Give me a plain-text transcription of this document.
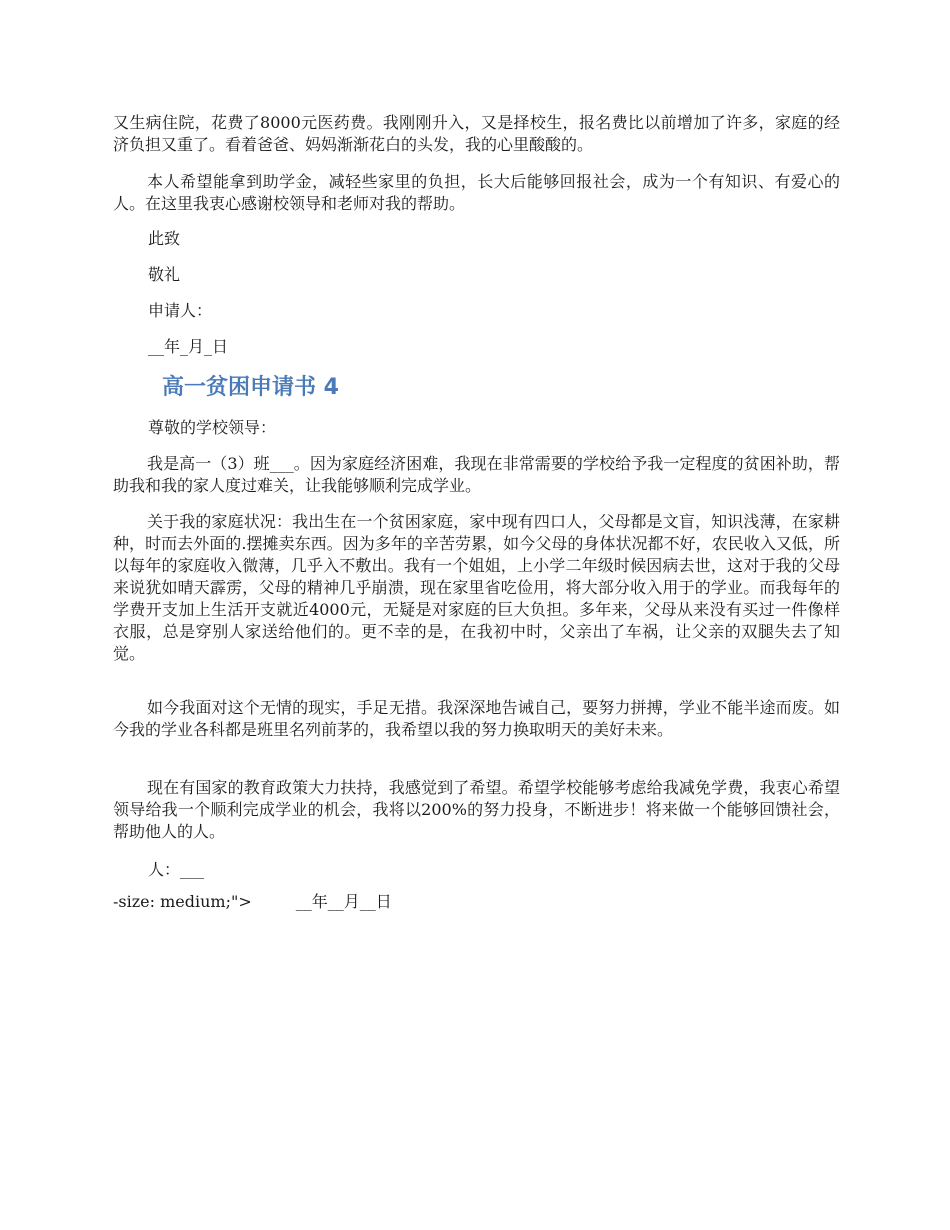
又生病住院，花费了8000元医药费。我刚刚升入，又是择校生，报名费比以前增加了许多，家庭的经济负担又重了。看着爸爸、妈妈渐渐花白的头发，我的心里酸酸的。

本人希望能拿到助学金，减轻些家里的负担，长大后能够回报社会，成为一个有知识、有爱心的人。在这里我衷心感谢校领导和老师对我的帮助。

此致

敬礼

申请人：

__年_月_日

高一贫困申请书 4

尊敬的学校领导：

我是高一（3）班___。因为家庭经济困难，我现在非常需要的学校给予我一定程度的贫困补助，帮助我和我的家人度过难关，让我能够顺利完成学业。

关于我的家庭状况：我出生在一个贫困家庭，家中现有四口人，父母都是文盲，知识浅薄，在家耕种，时而去外面的.摆摊卖东西。因为多年的辛苦劳累，如今父母的身体状况都不好，农民收入又低，所以每年的家庭收入微薄，几乎入不敷出。我有一个姐姐，上小学二年级时候因病去世，这对于我的父母来说犹如晴天霹雳，父母的精神几乎崩溃，现在家里省吃俭用，将大部分收入用于的学业。而我每年的学费开支加上生活开支就近4000元，无疑是对家庭的巨大负担。多年来，父母从来没有买过一件像样衣服，总是穿别人家送给他们的。更不幸的是，在我初中时，父亲出了车祸，让父亲的双腿失去了知觉。

如今我面对这个无情的现实，手足无措。我深深地告诫自己，要努力拼搏，学业不能半途而废。如今我的学业各科都是班里名列前茅的，我希望以我的努力换取明天的美好未来。

现在有国家的教育政策大力扶持，我感觉到了希望。希望学校能够考虑给我减免学费，我衷心希望领导给我一个顺利完成学业的机会，我将以200%的努力投身，不断进步！将来做一个能够回馈社会，帮助他人的人。

人：___

-size: medium;">	__年__月__日
